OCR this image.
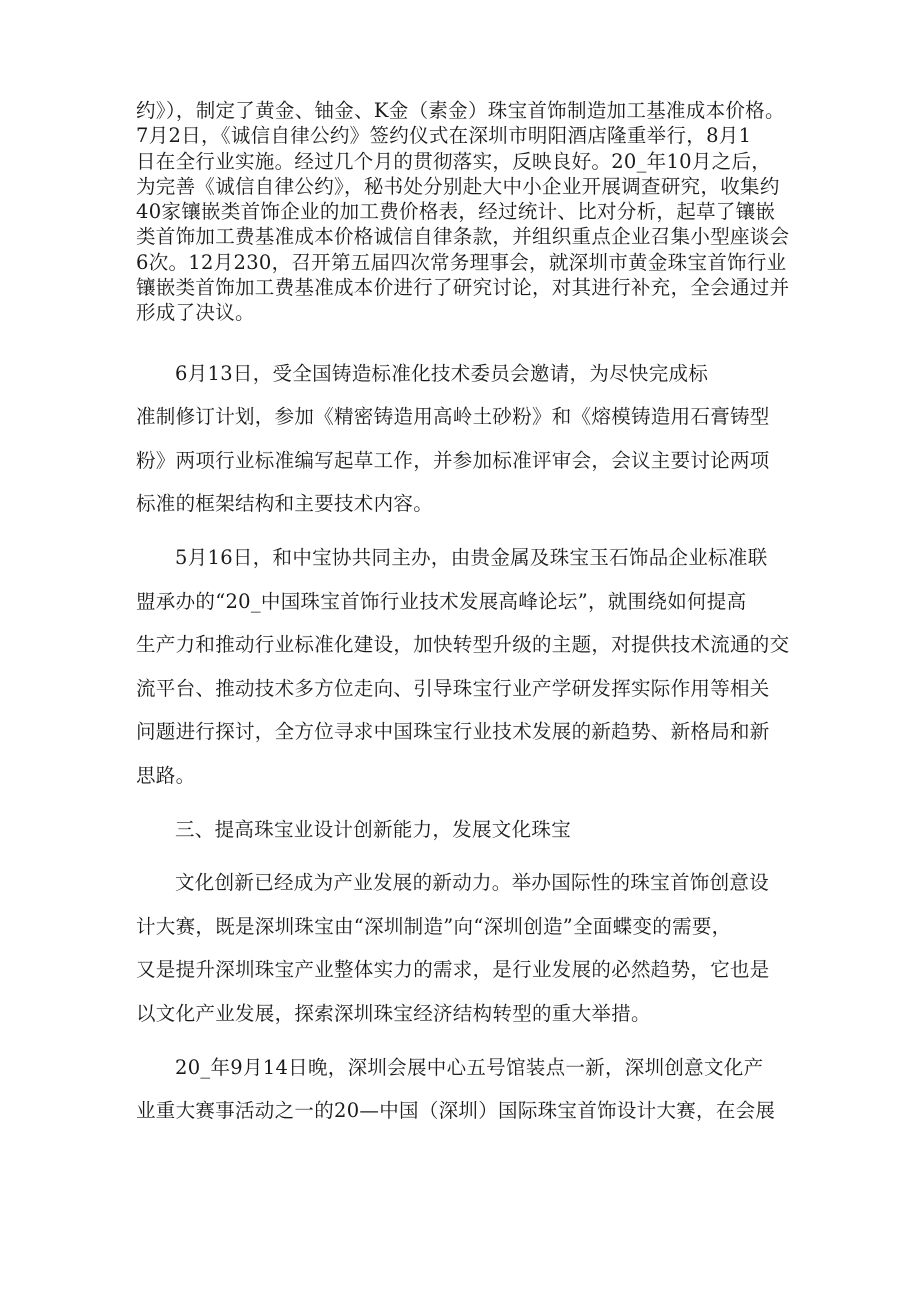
约》），制定了黄金、铀金、K金（素金）珠宝首饰制造加工基准成本价格。
7月2日，《诚信自律公约》签约仪式在深圳市明阳酒店隆重举行，8月1
日在全行业实施。经过几个月的贯彻落实，反映良好。20_年10月之后，
为完善《诚信自律公约》，秘书处分别赴大中小企业开展调查研究，收集约
40家镶嵌类首饰企业的加工费价格表，经过统计、比对分析，起草了镶嵌
类首饰加工费基准成本价格诚信自律条款，并组织重点企业召集小型座谈会
6次。12月230，召开第五届四次常务理事会，就深圳市黄金珠宝首饰行业
镶嵌类首饰加工费基准成本价进行了研究讨论，对其进行补充，全会通过并
形成了决议。
6月13日，受全国铸造标准化技术委员会邀请，为尽快完成标
准制修订计划，参加《精密铸造用高岭土砂粉》和《熔模铸造用石膏铸型
粉》两项行业标准编写起草工作，并参加标准评审会，会议主要讨论两项
标准的框架结构和主要技术内容。
5月16日，和中宝协共同主办，由贵金属及珠宝玉石饰品企业标准联
盟承办的“20_中国珠宝首饰行业技术发展高峰论坛”，就围绕如何提高
生产力和推动行业标准化建设，加快转型升级的主题，对提供技术流通的交
流平台、推动技术多方位走向、引导珠宝行业产学研发挥实际作用等相关
问题进行探讨，全方位寻求中国珠宝行业技术发展的新趋势、新格局和新
思路。
三、提高珠宝业设计创新能力，发展文化珠宝
文化创新已经成为产业发展的新动力。举办国际性的珠宝首饰创意设
计大赛，既是深圳珠宝由“深圳制造”向“深圳创造”全面蝶变的需要，
又是提升深圳珠宝产业整体实力的需求，是行业发展的必然趋势，它也是
以文化产业发展，探索深圳珠宝经济结构转型的重大举措。
20_年9月14日晚，深圳会展中心五号馆装点一新，深圳创意文化产
业重大赛事活动之一的20—中国（深圳）国际珠宝首饰设计大赛，在会展
